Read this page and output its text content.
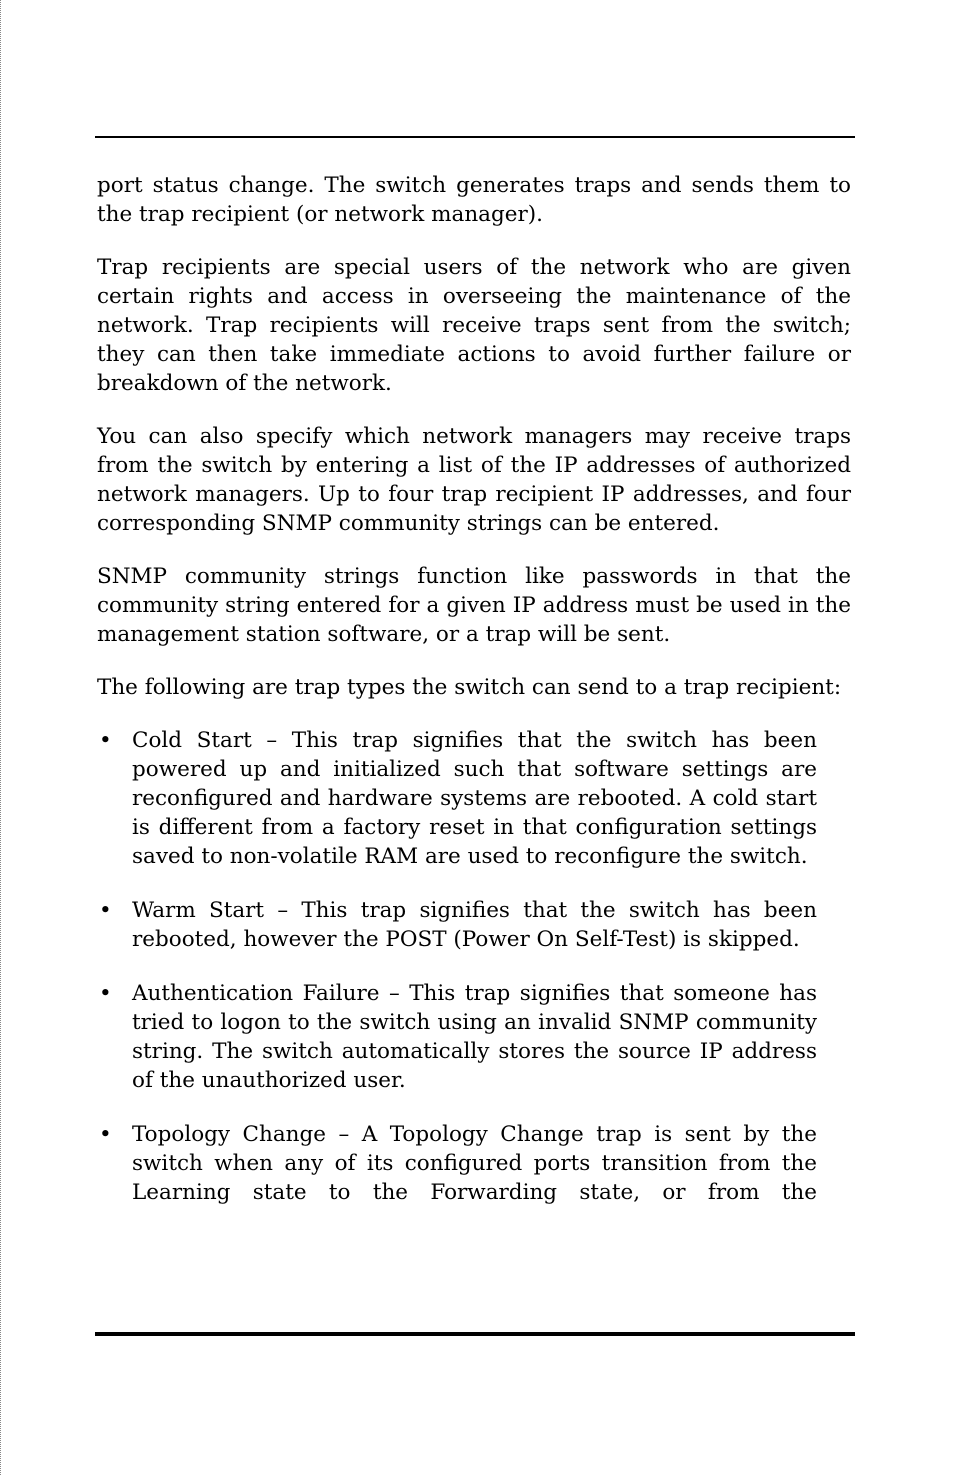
port status change. The switch generates traps and sends them to the trap recipient (or network manager).

Trap recipients are special users of the network who are given certain rights and access in overseeing the maintenance of the network. Trap recipients will receive traps sent from the switch; they can then take immediate actions to avoid further failure or breakdown of the network.

You can also specify which network managers may receive traps from the switch by entering a list of the IP addresses of authorized network managers. Up to four trap recipient IP addresses, and four corresponding SNMP community strings can be entered.

SNMP community strings function like passwords in that the community string entered for a given IP address must be used in the management station software, or a trap will be sent.

The following are trap types the switch can send to a trap recipient:

• Cold Start – This trap signifies that the switch has been powered up and initialized such that software settings are reconfigured and hardware systems are rebooted. A cold start is different from a factory reset in that configuration settings saved to non-volatile RAM are used to reconfigure the switch.
• Warm Start – This trap signifies that the switch has been rebooted, however the POST (Power On Self-Test) is skipped.
• Authentication Failure – This trap signifies that someone has tried to logon to the switch using an invalid SNMP community string. The switch automatically stores the source IP address of the unauthorized user.
• Topology Change – A Topology Change trap is sent by the switch when any of its configured ports transition from the Learning state to the Forwarding state, or from the
